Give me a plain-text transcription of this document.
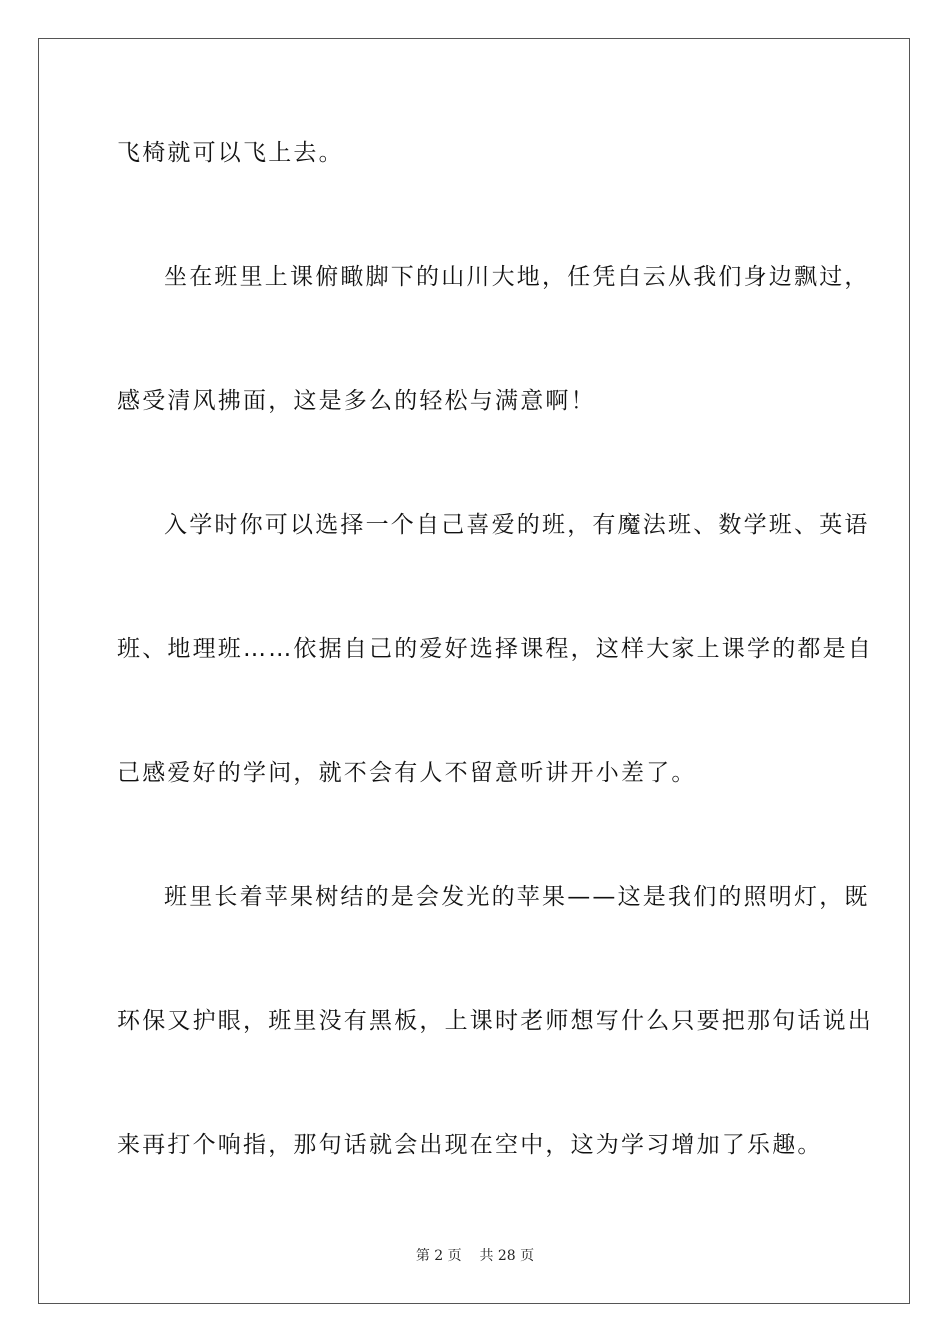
飞椅就可以飞上去。
坐在班里上课俯瞰脚下的山川大地，任凭白云从我们身边飘过，
感受清风拂面，这是多么的轻松与满意啊！
入学时你可以选择一个自己喜爱的班，有魔法班、数学班、英语
班、地理班……依据自己的爱好选择课程，这样大家上课学的都是自
己感爱好的学问，就不会有人不留意听讲开小差了。
班里长着苹果树结的是会发光的苹果——这是我们的照明灯，既
环保又护眼，班里没有黑板，上课时老师想写什么只要把那句话说出
来再打个响指，那句话就会出现在空中，这为学习增加了乐趣。
第 2 页 共 28 页
